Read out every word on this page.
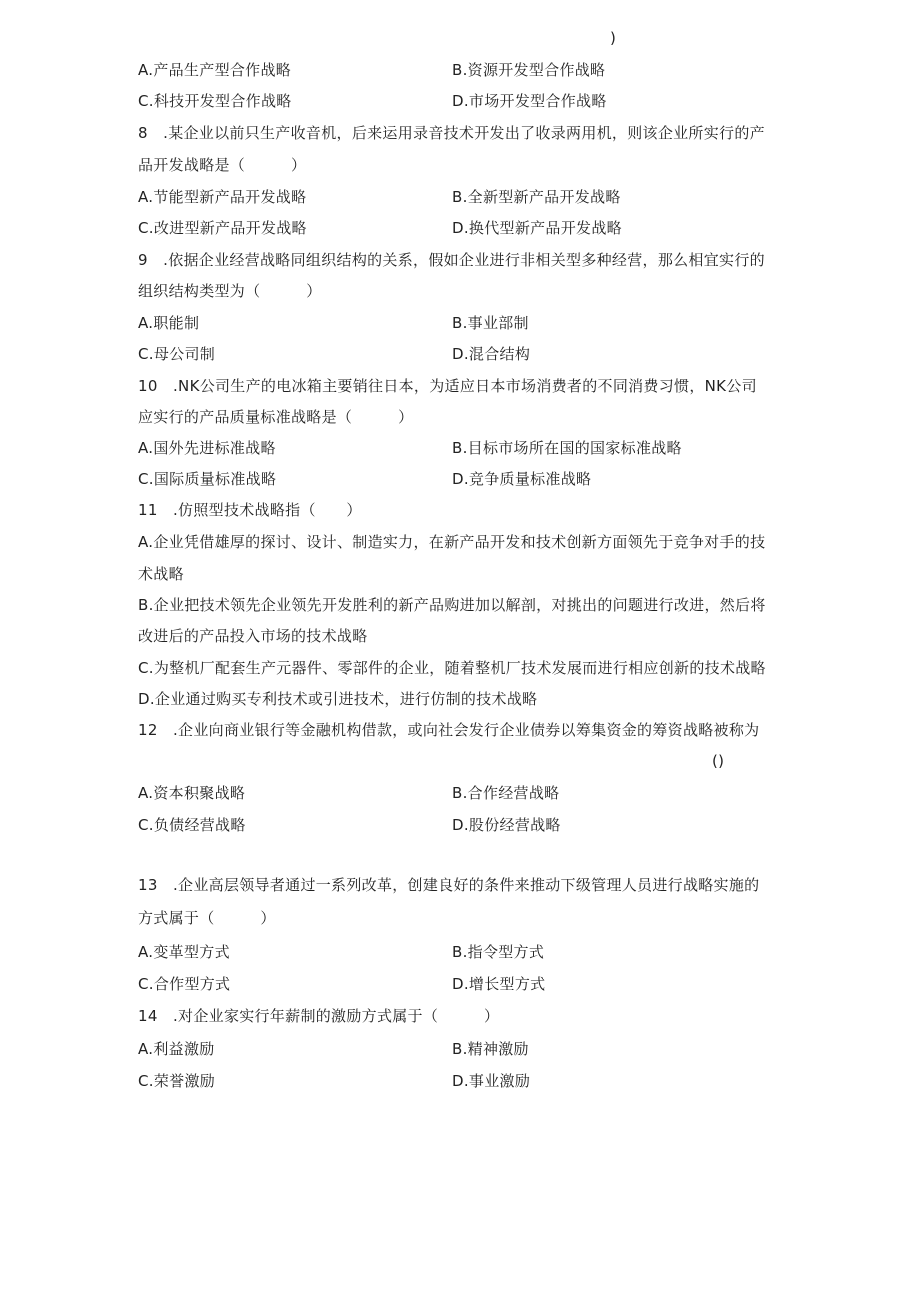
)
A.产品生产型合作战略	B.资源开发型合作战略
C.科技开发型合作战略	D.市场开发型合作战略
8　.某企业以前只生产收音机，后来运用录音技术开发出了收录两用机，则该企业所实行的产
品开发战略是（　　　）
A.节能型新产品开发战略	B.全新型新产品开发战略
C.改进型新产品开发战略	D.换代型新产品开发战略
9　.依据企业经营战略同组织结构的关系，假如企业进行非相关型多种经营，那么相宜实行的
组织结构类型为（　　　）
A.职能制	B.事业部制
C.母公司制	D.混合结构
10　.NK公司生产的电冰箱主要销往日本，为适应日本市场消费者的不同消费习惯，NK公司
应实行的产品质量标准战略是（　　　）
A.国外先进标准战略	B.目标市场所在国的国家标准战略
C.国际质量标准战略	D.竞争质量标准战略
11　.仿照型技术战略指（　　）
A.企业凭借雄厚的探讨、设计、制造实力，在新产品开发和技术创新方面领先于竞争对手的技
术战略
B.企业把技术领先企业领先开发胜利的新产品购进加以解剖，对挑出的问题进行改进，然后将
改进后的产品投入市场的技术战略
C.为整机厂配套生产元器件、零部件的企业，随着整机厂技术发展而进行相应创新的技术战略
D.企业通过购买专利技术或引进技术，进行仿制的技术战略
12　.企业向商业银行等金融机构借款，或向社会发行企业债券以筹集资金的筹资战略被称为
()
A.资本积聚战略	B.合作经营战略
C.负债经营战略	D.股份经营战略
13　.企业高层领导者通过一系列改革，创建良好的条件来推动下级管理人员进行战略实施的
方式属于（　　　）
A.变革型方式	B.指令型方式
C.合作型方式	D.增长型方式
14　.对企业家实行年薪制的激励方式属于（　　　）
A.利益激励	B.精神激励
C.荣誉激励	D.事业激励
